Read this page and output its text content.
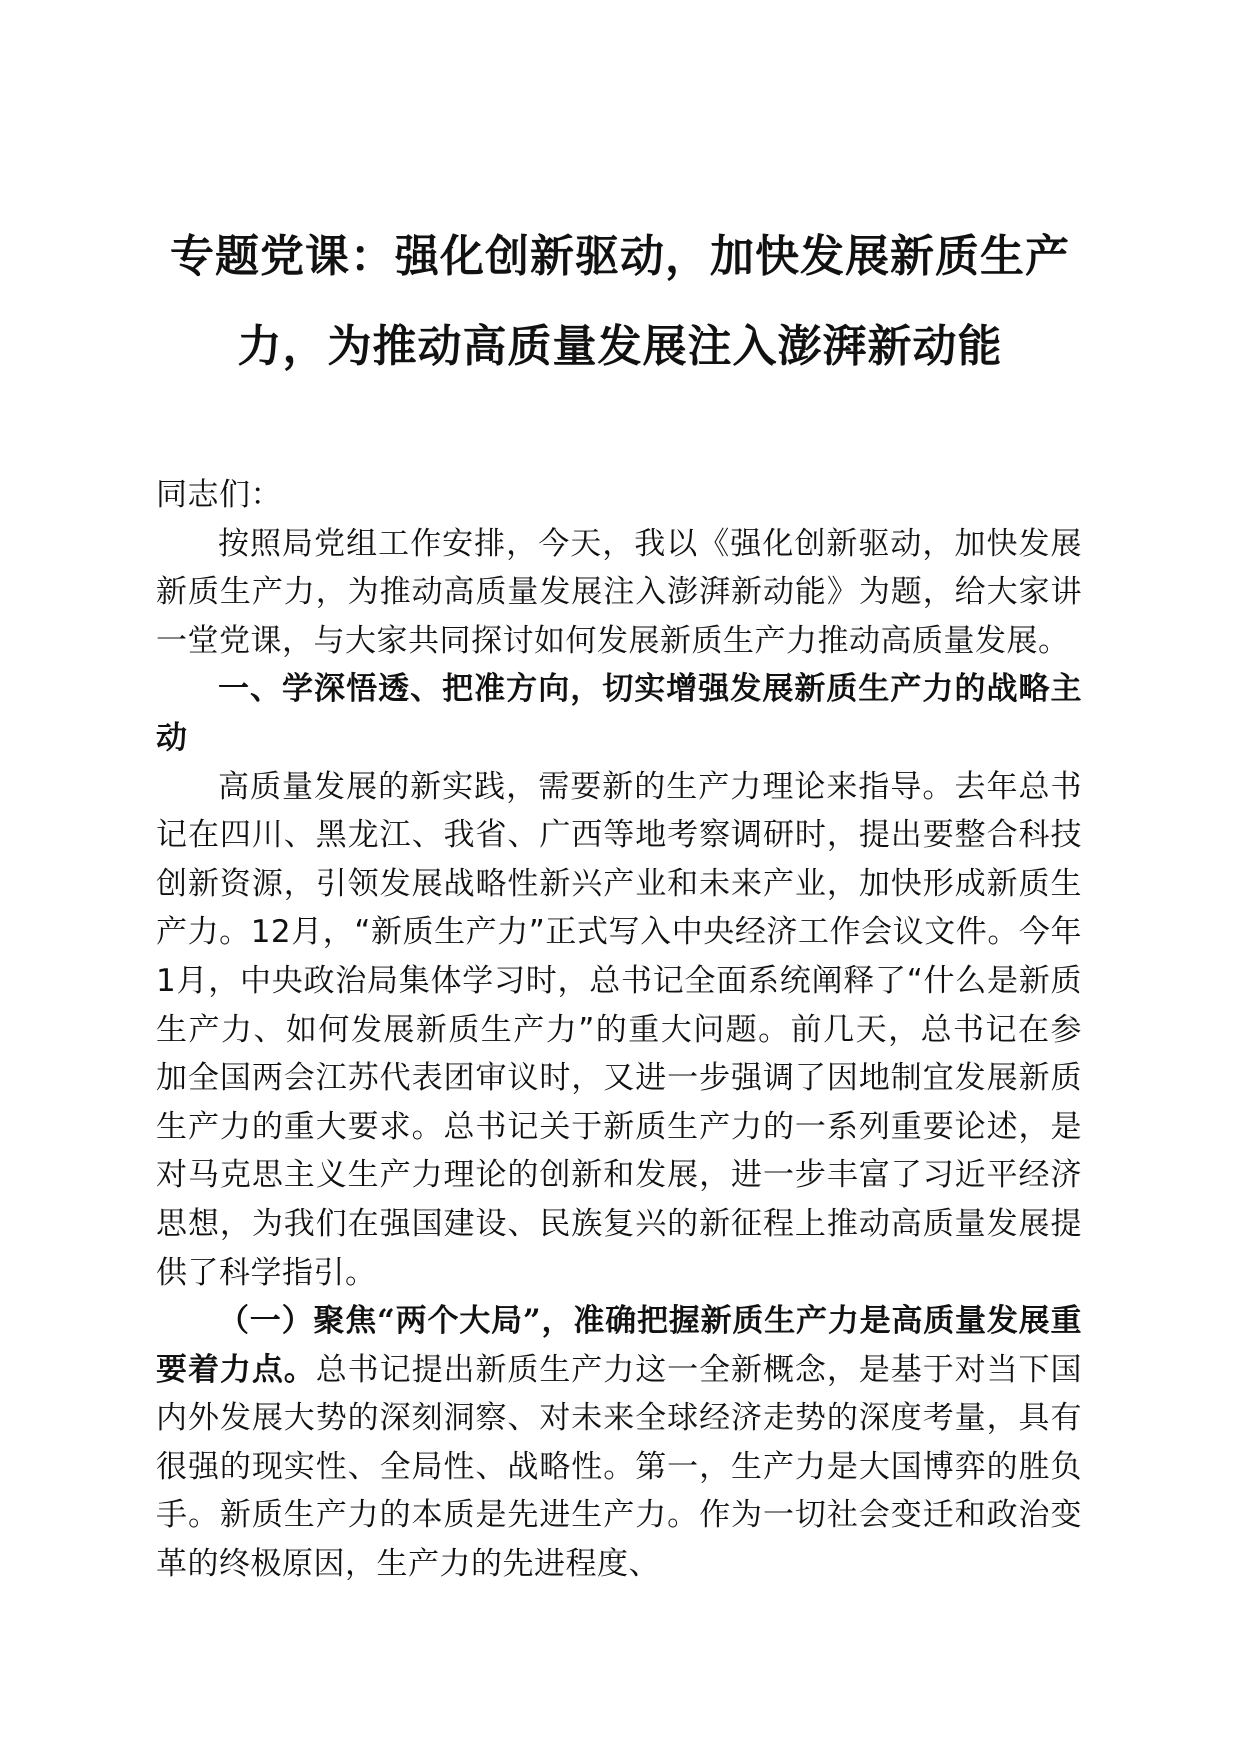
专题党课：强化创新驱动，加快发展新质生产
力，为推动高质量发展注入澎湃新动能

同志们：

按照局党组工作安排，今天，我以《强化创新驱动，加快发展新质生产力，为推动高质量发展注入澎湃新动能》为题，给大家讲一堂党课，与大家共同探讨如何发展新质生产力推动高质量发展。

一、学深悟透、把准方向，切实增强发展新质生产力的战略主动

高质量发展的新实践，需要新的生产力理论来指导。去年总书记在四川、黑龙江、我省、广西等地考察调研时，提出要整合科技创新资源，引领发展战略性新兴产业和未来产业，加快形成新质生产力。12月，“新质生产力”正式写入中央经济工作会议文件。今年1月，中央政治局集体学习时，总书记全面系统阐释了“什么是新质生产力、如何发展新质生产力”的重大问题。前几天，总书记在参加全国两会江苏代表团审议时，又进一步强调了因地制宜发展新质生产力的重大要求。总书记关于新质生产力的一系列重要论述，是对马克思主义生产力理论的创新和发展，进一步丰富了习近平经济思想，为我们在强国建设、民族复兴的新征程上推动高质量发展提供了科学指引。

（一）聚焦“两个大局”，准确把握新质生产力是高质量发展重要着力点。总书记提出新质生产力这一全新概念，是基于对当下国内外发展大势的深刻洞察、对未来全球经济走势的深度考量，具有很强的现实性、全局性、战略性。第一，生产力是大国博弈的胜负手。新质生产力的本质是先进生产力。作为一切社会变迁和政治变革的终极原因，生产力的先进程度、
